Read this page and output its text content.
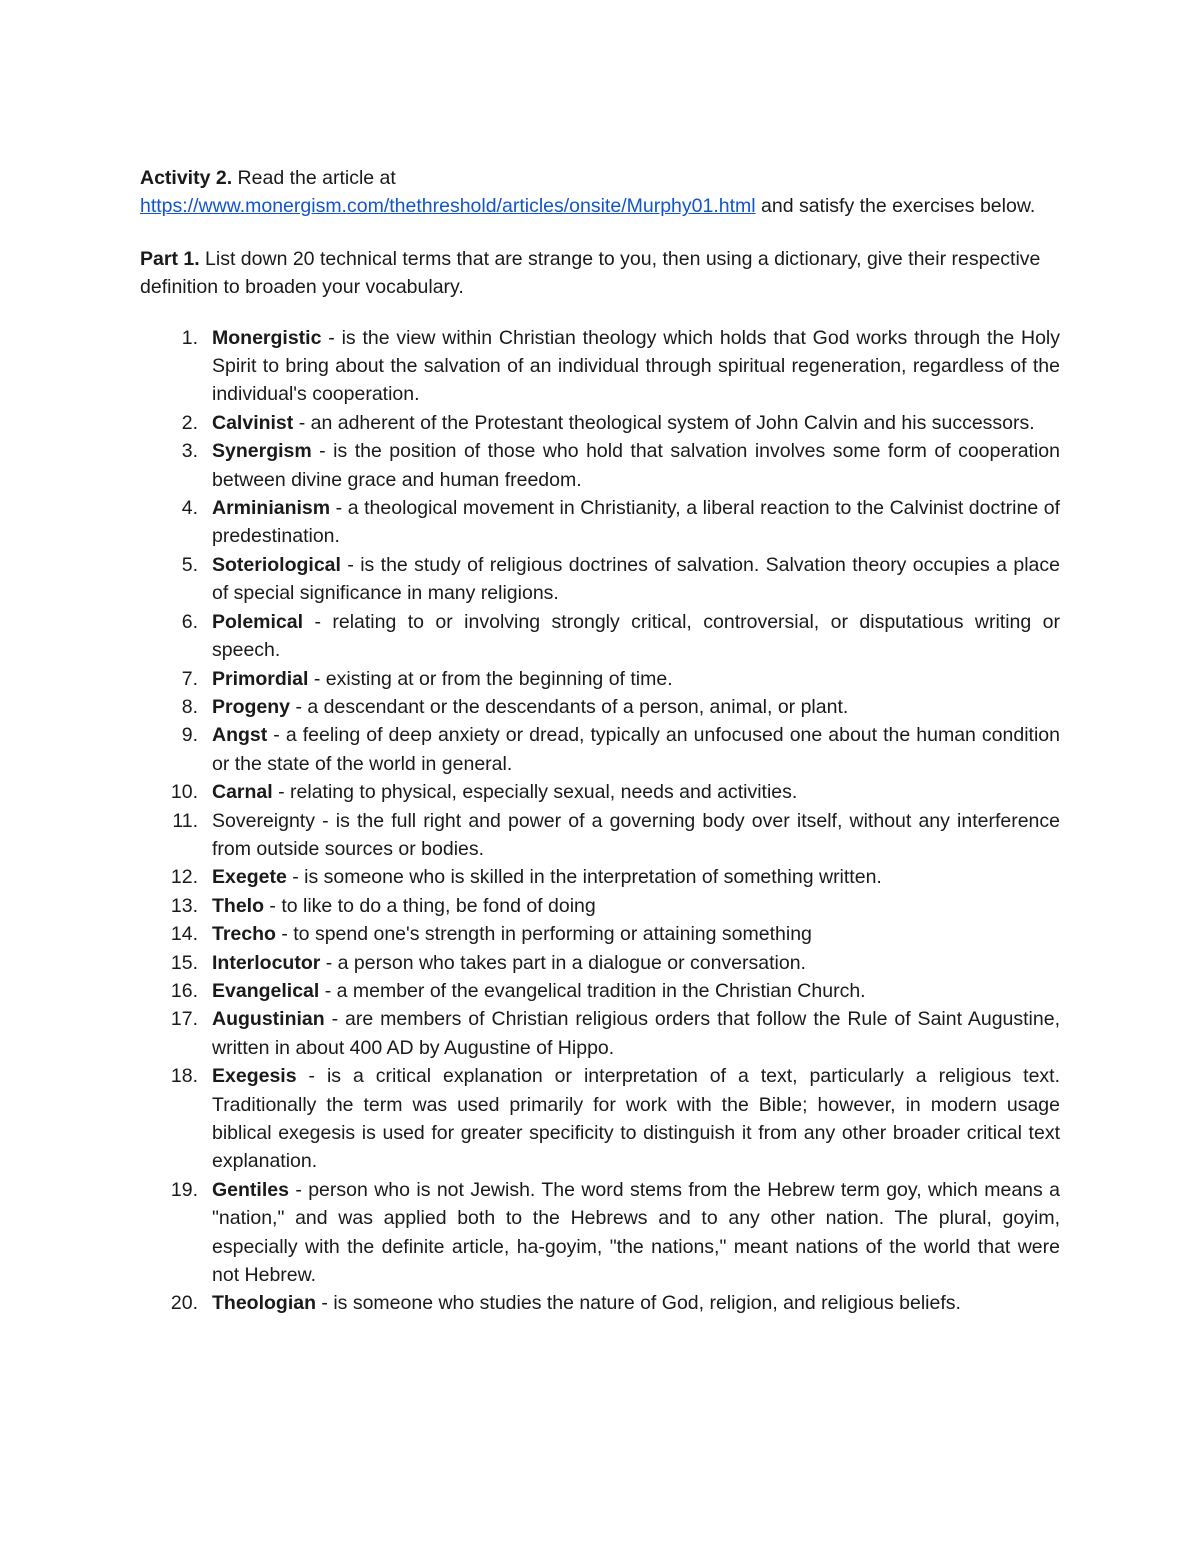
Activity 2. Read the article at
https://www.monergism.com/thethreshold/articles/onsite/Murphy01.html and satisfy the exercises below.

Part 1. List down 20 technical terms that are strange to you, then using a dictionary, give their respective definition to broaden your vocabulary.

1. Monergistic - is the view within Christian theology which holds that God works through the Holy Spirit to bring about the salvation of an individual through spiritual regeneration, regardless of the individual's cooperation.
2. Calvinist - an adherent of the Protestant theological system of John Calvin and his successors.
3. Synergism - is the position of those who hold that salvation involves some form of cooperation between divine grace and human freedom.
4. Arminianism - a theological movement in Christianity, a liberal reaction to the Calvinist doctrine of predestination.
5. Soteriological - is the study of religious doctrines of salvation. Salvation theory occupies a place of special significance in many religions.
6. Polemical - relating to or involving strongly critical, controversial, or disputatious writing or speech.
7. Primordial - existing at or from the beginning of time.
8. Progeny - a descendant or the descendants of a person, animal, or plant.
9. Angst - a feeling of deep anxiety or dread, typically an unfocused one about the human condition or the state of the world in general.
10. Carnal - relating to physical, especially sexual, needs and activities.
11. Sovereignty - is the full right and power of a governing body over itself, without any interference from outside sources or bodies.
12. Exegete - is someone who is skilled in the interpretation of something written.
13. Thelo - to like to do a thing, be fond of doing
14. Trecho - to spend one's strength in performing or attaining something
15. Interlocutor - a person who takes part in a dialogue or conversation.
16. Evangelical - a member of the evangelical tradition in the Christian Church.
17. Augustinian - are members of Christian religious orders that follow the Rule of Saint Augustine, written in about 400 AD by Augustine of Hippo.
18. Exegesis - is a critical explanation or interpretation of a text, particularly a religious text. Traditionally the term was used primarily for work with the Bible; however, in modern usage biblical exegesis is used for greater specificity to distinguish it from any other broader critical text explanation.
19. Gentiles - person who is not Jewish. The word stems from the Hebrew term goy, which means a "nation," and was applied both to the Hebrews and to any other nation. The plural, goyim, especially with the definite article, ha-goyim, "the nations," meant nations of the world that were not Hebrew.
20. Theologian - is someone who studies the nature of God, religion, and religious beliefs.
